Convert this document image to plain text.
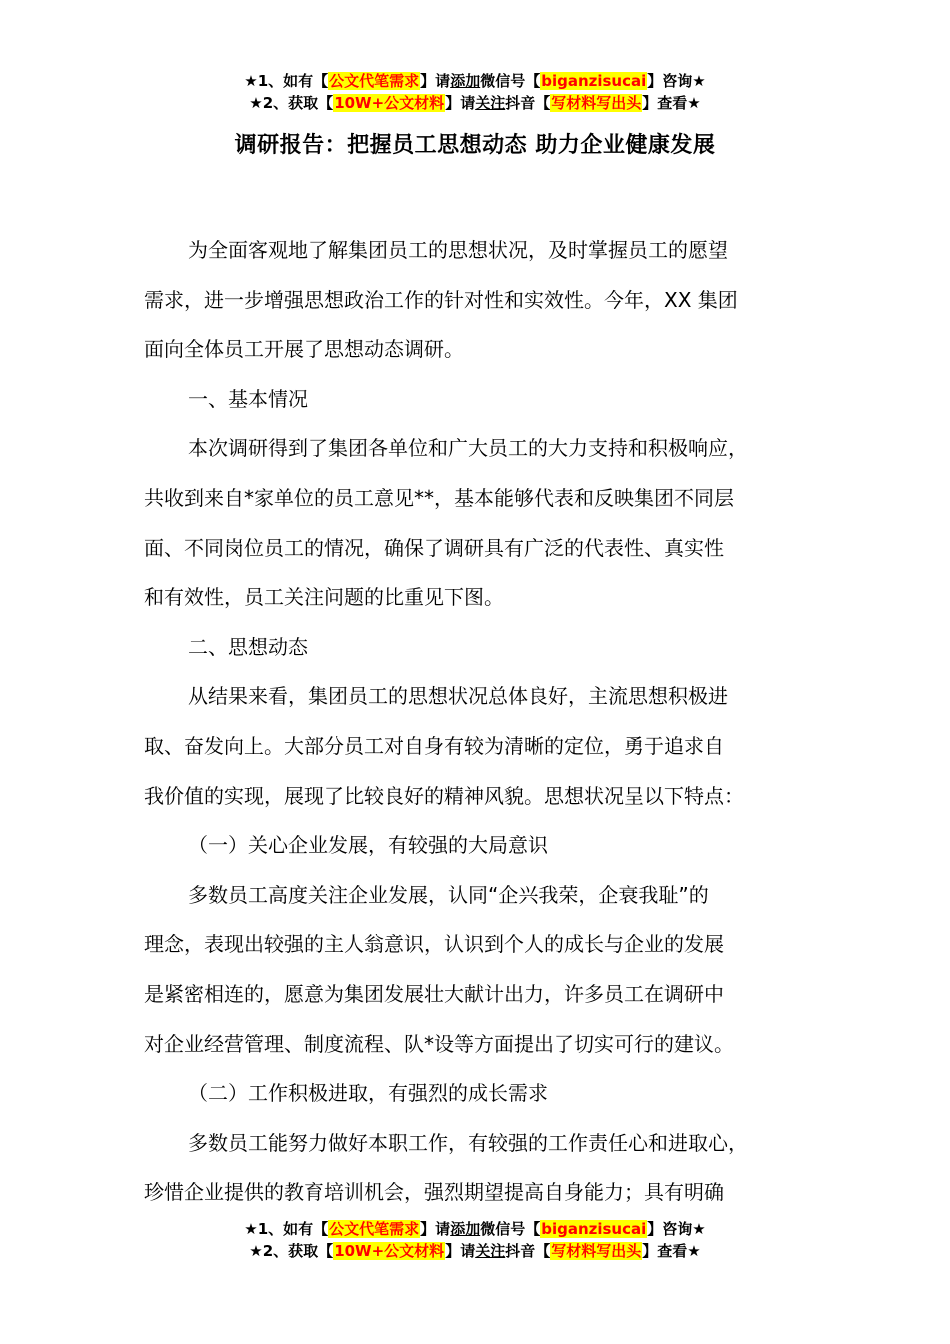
★1、如有【公文代笔需求】请添加微信号【biganzisucai】咨询★
★2、获取【10W+公文材料】请关注抖音【写材料写出头】查看★
调研报告：把握员工思想动态 助力企业健康发展

为全面客观地了解集团员工的思想状况，及时掌握员工的愿望

需求，进一步增强思想政治工作的针对性和实效性。今年，XX 集团

面向全体员工开展了思想动态调研。

一、基本情况

本次调研得到了集团各单位和广大员工的大力支持和积极响应，

共收到来自*家单位的员工意见**，基本能够代表和反映集团不同层

面、不同岗位员工的情况，确保了调研具有广泛的代表性、真实性

和有效性，员工关注问题的比重见下图。

二、思想动态

从结果来看，集团员工的思想状况总体良好，主流思想积极进

取、奋发向上。大部分员工对自身有较为清晰的定位，勇于追求自

我价值的实现，展现了比较良好的精神风貌。思想状况呈以下特点：

（一）关心企业发展，有较强的大局意识

多数员工高度关注企业发展，认同“企兴我荣，企衰我耻”的

理念，表现出较强的主人翁意识，认识到个人的成长与企业的发展

是紧密相连的，愿意为集团发展壮大献计出力，许多员工在调研中

对企业经营管理、制度流程、队*设等方面提出了切实可行的建议。

（二）工作积极进取，有强烈的成长需求

多数员工能努力做好本职工作，有较强的工作责任心和进取心，

珍惜企业提供的教育培训机会，强烈期望提高自身能力；具有明确

★1、如有【公文代笔需求】请添加微信号【biganzisucai】咨询★
★2、获取【10W+公文材料】请关注抖音【写材料写出头】查看★
